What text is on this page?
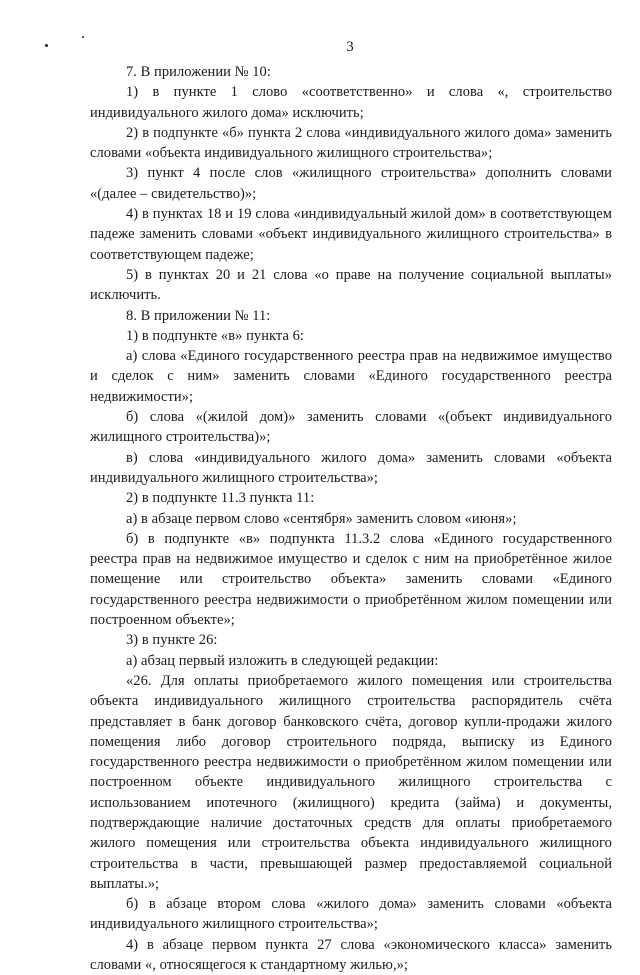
3

7. В приложении № 10:

1) в пункте 1 слово «соответственно» и слова «, строительство индивидуального жилого дома» исключить;

2) в подпункте «б» пункта 2 слова «индивидуального жилого дома» заменить словами «объекта индивидуального жилищного строительства»;

3) пункт 4 после слов «жилищного строительства» дополнить словами «(далее – свидетельство)»;

4) в пунктах 18 и 19 слова «индивидуальный жилой дом» в соответствующем падеже заменить словами «объект индивидуального жилищного строительства» в соответствующем падеже;

5) в пунктах 20 и 21 слова «о праве на получение социальной выплаты» исключить.

8. В приложении № 11:

1) в подпункте «в» пункта 6:

а) слова «Единого государственного реестра прав на недвижимое имущество и сделок с ним» заменить словами «Единого государственного реестра недвижимости»;

б) слова «(жилой дом)» заменить словами «(объект индивидуального жилищного строительства)»;

в) слова «индивидуального жилого дома» заменить словами «объекта индивидуального жилищного строительства»;

2) в подпункте 11.3 пункта 11:

а) в абзаце первом слово «сентября» заменить словом «июня»;

б) в подпункте «в» подпункта 11.3.2 слова «Единого государственного реестра прав на недвижимое имущество и сделок с ним на приобретённое жилое помещение или строительство объекта» заменить словами «Единого государственного реестра недвижимости о приобретённом жилом помещении или построенном объекте»;

3) в пункте 26:

а) абзац первый изложить в следующей редакции:

«26. Для оплаты приобретаемого жилого помещения или строительства объекта индивидуального жилищного строительства распорядитель счёта представляет в банк договор банковского счёта, договор купли-продажи жилого помещения либо договор строительного подряда, выписку из Единого государственного реестра недвижимости о приобретённом жилом помещении или построенном объекте индивидуального жилищного строительства с использованием ипотечного (жилищного) кредита (займа) и документы, подтверждающие наличие достаточных средств для оплаты приобретаемого жилого помещения или строительства объекта индивидуального жилищного строительства в части, превышающей размер предоставляемой социальной выплаты.»;

б) в абзаце втором слова «жилого дома» заменить словами «объекта индивидуального жилищного строительства»;

4) в абзаце первом пункта 27 слова «экономического класса» заменить словами «, относящегося к стандартному жилью,»;
